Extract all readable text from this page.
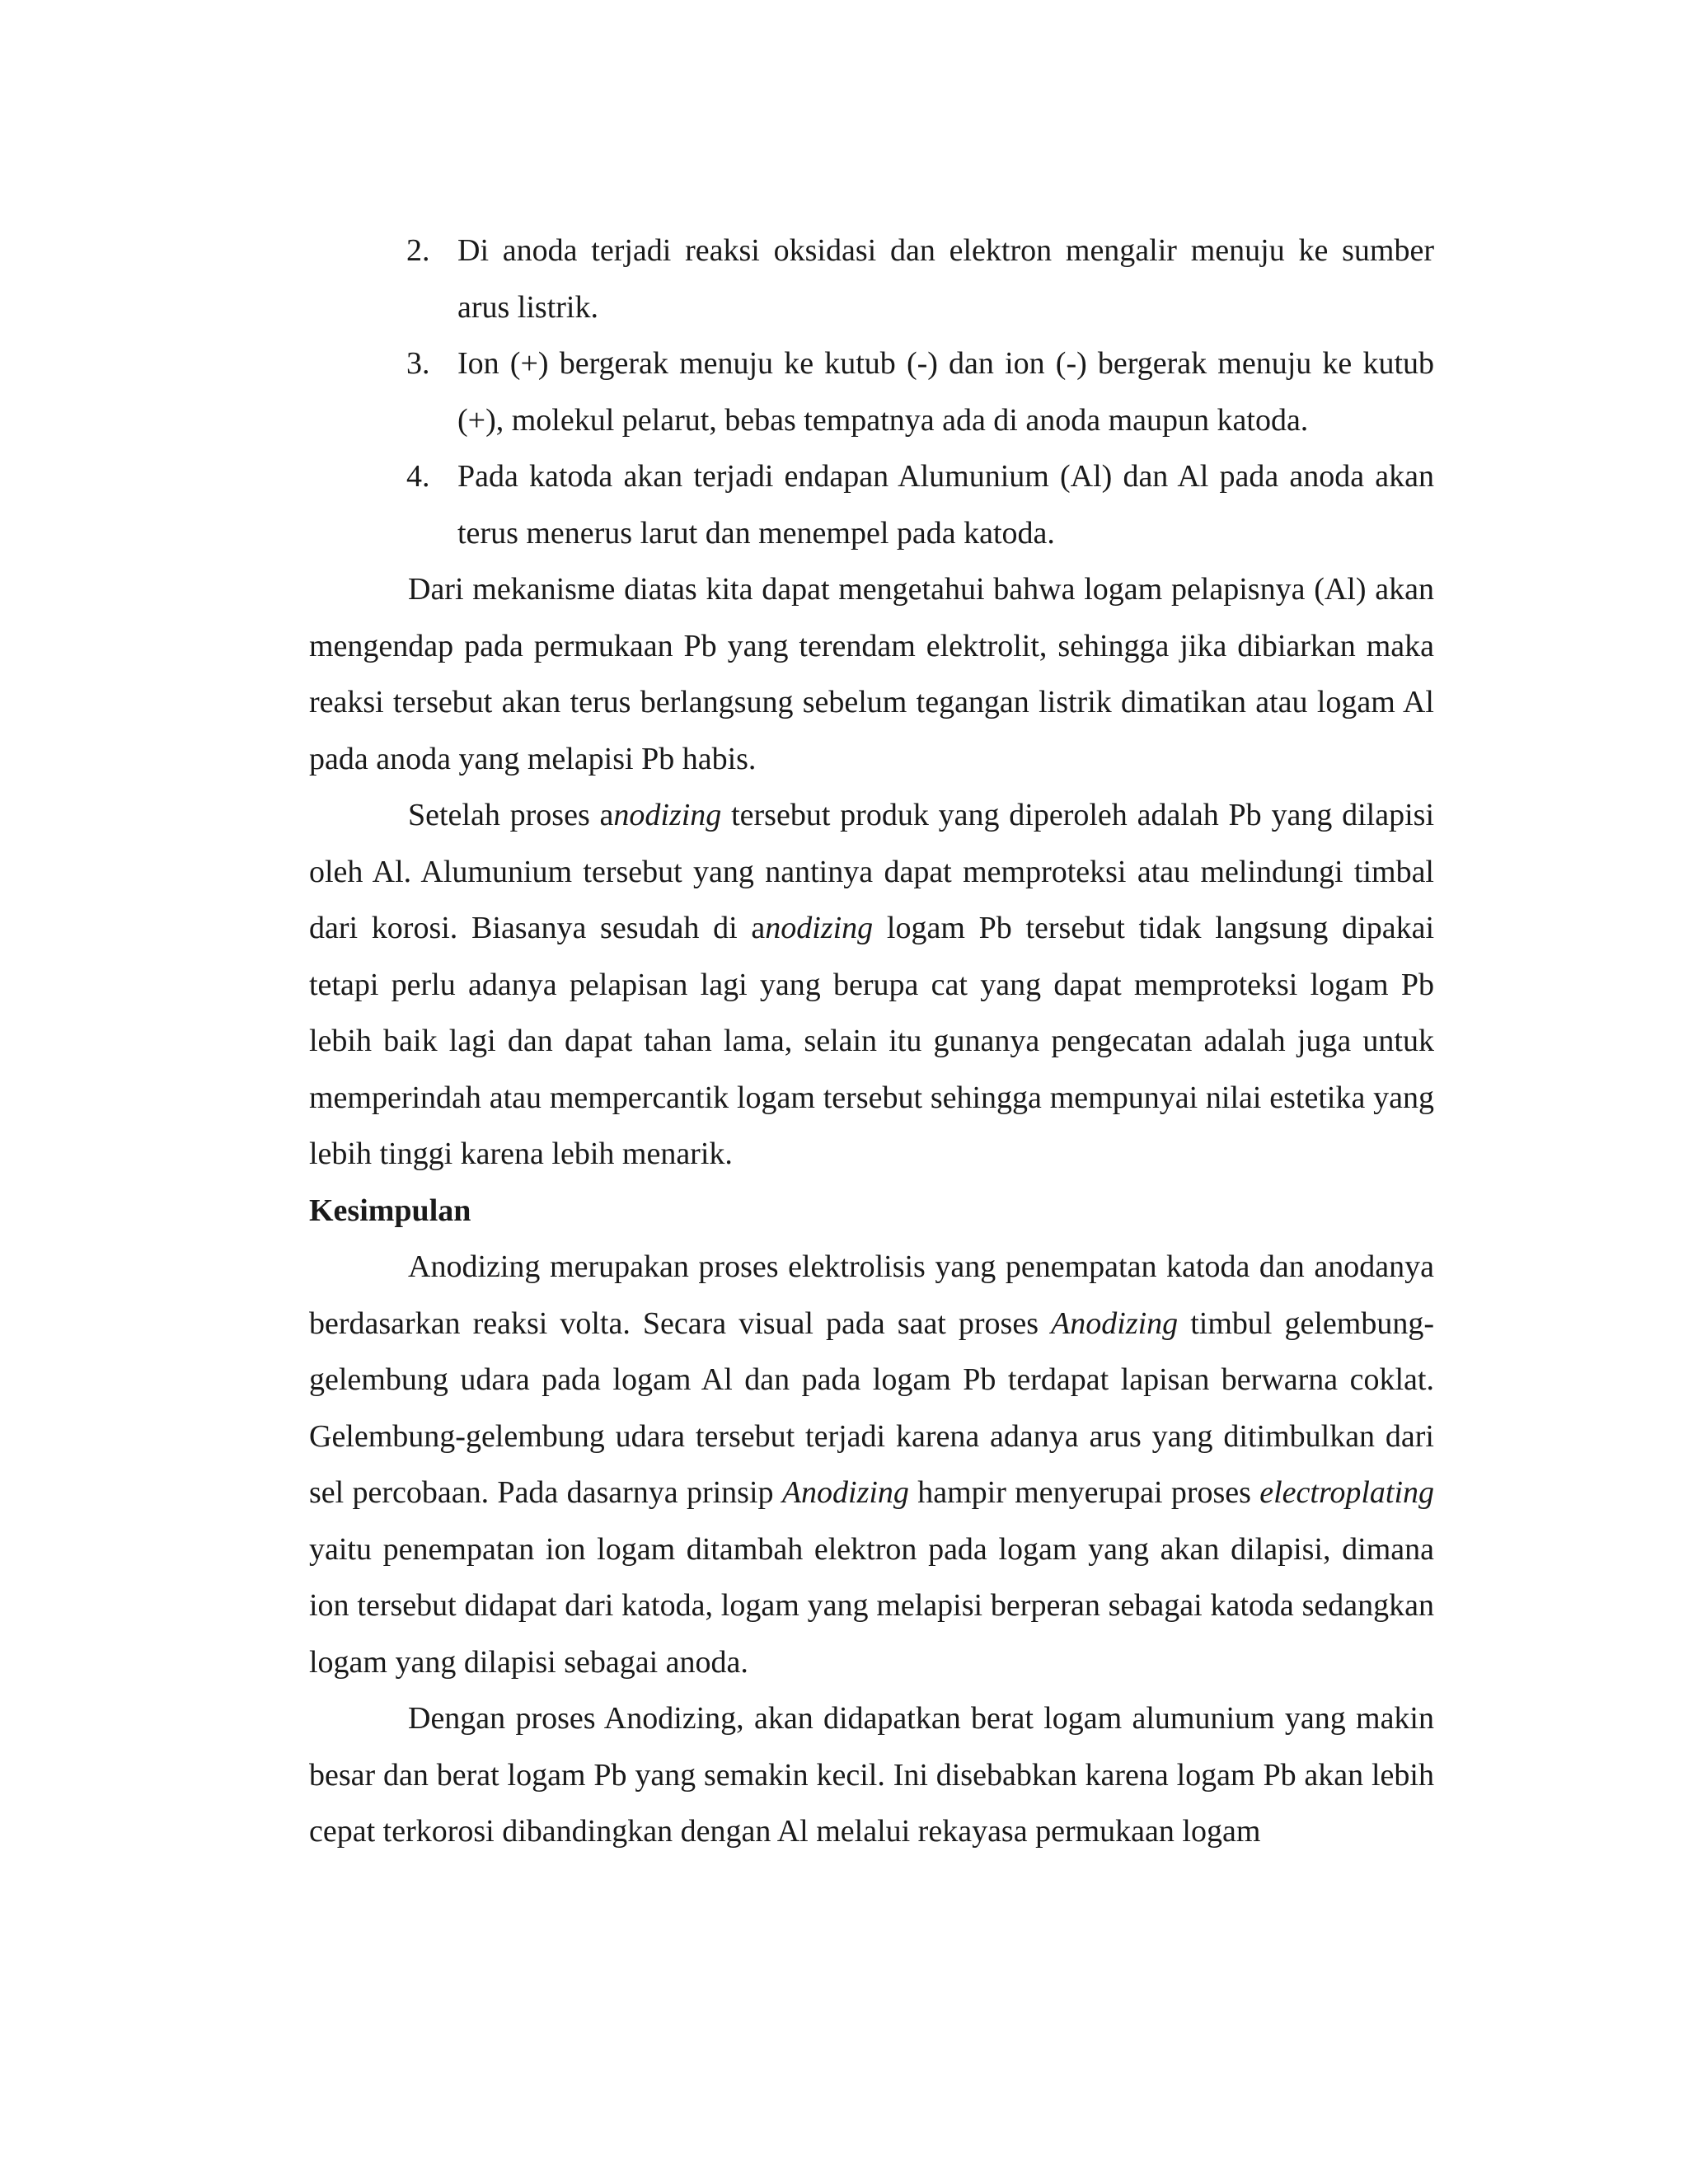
2. Di anoda terjadi reaksi oksidasi dan elektron mengalir menuju ke sumber arus listrik.
3. Ion (+) bergerak menuju ke kutub (-) dan ion (-) bergerak menuju ke kutub (+), molekul pelarut, bebas tempatnya ada di anoda maupun katoda.
4. Pada katoda akan terjadi endapan Alumunium (Al) dan Al pada anoda akan terus menerus larut dan menempel pada katoda.

Dari mekanisme diatas kita dapat mengetahui bahwa logam pelapisnya (Al) akan mengendap pada permukaan Pb yang terendam elektrolit, sehingga jika dibiarkan maka reaksi tersebut akan terus berlangsung sebelum tegangan listrik dimatikan atau logam Al pada anoda yang melapisi Pb habis.

Setelah proses anodizing tersebut produk yang diperoleh adalah Pb yang dilapisi oleh Al. Alumunium tersebut yang nantinya dapat memproteksi atau melindungi timbal dari korosi. Biasanya sesudah di anodizing logam Pb tersebut tidak langsung dipakai tetapi perlu adanya pelapisan lagi yang berupa cat yang dapat memproteksi logam Pb lebih baik lagi dan dapat tahan lama, selain itu gunanya pengecatan adalah juga untuk memperindah atau mempercantik logam tersebut sehingga mempunyai nilai estetika yang lebih tinggi karena lebih menarik.

Kesimpulan

Anodizing merupakan proses elektrolisis yang penempatan katoda dan anodanya berdasarkan reaksi volta. Secara visual pada saat proses Anodizing timbul gelembung-gelembung udara pada logam Al dan pada logam Pb terdapat lapisan berwarna coklat. Gelembung-gelembung udara tersebut terjadi karena adanya arus yang ditimbulkan dari sel percobaan. Pada dasarnya prinsip Anodizing hampir menyerupai proses electroplating yaitu penempatan ion logam ditambah elektron pada logam yang akan dilapisi, dimana ion tersebut didapat dari katoda, logam yang melapisi berperan sebagai katoda sedangkan logam yang dilapisi sebagai anoda.

Dengan proses Anodizing, akan didapatkan berat logam alumunium yang makin besar dan berat logam Pb yang semakin kecil. Ini disebabkan karena logam Pb akan lebih cepat terkorosi dibandingkan dengan Al melalui rekayasa permukaan logam
